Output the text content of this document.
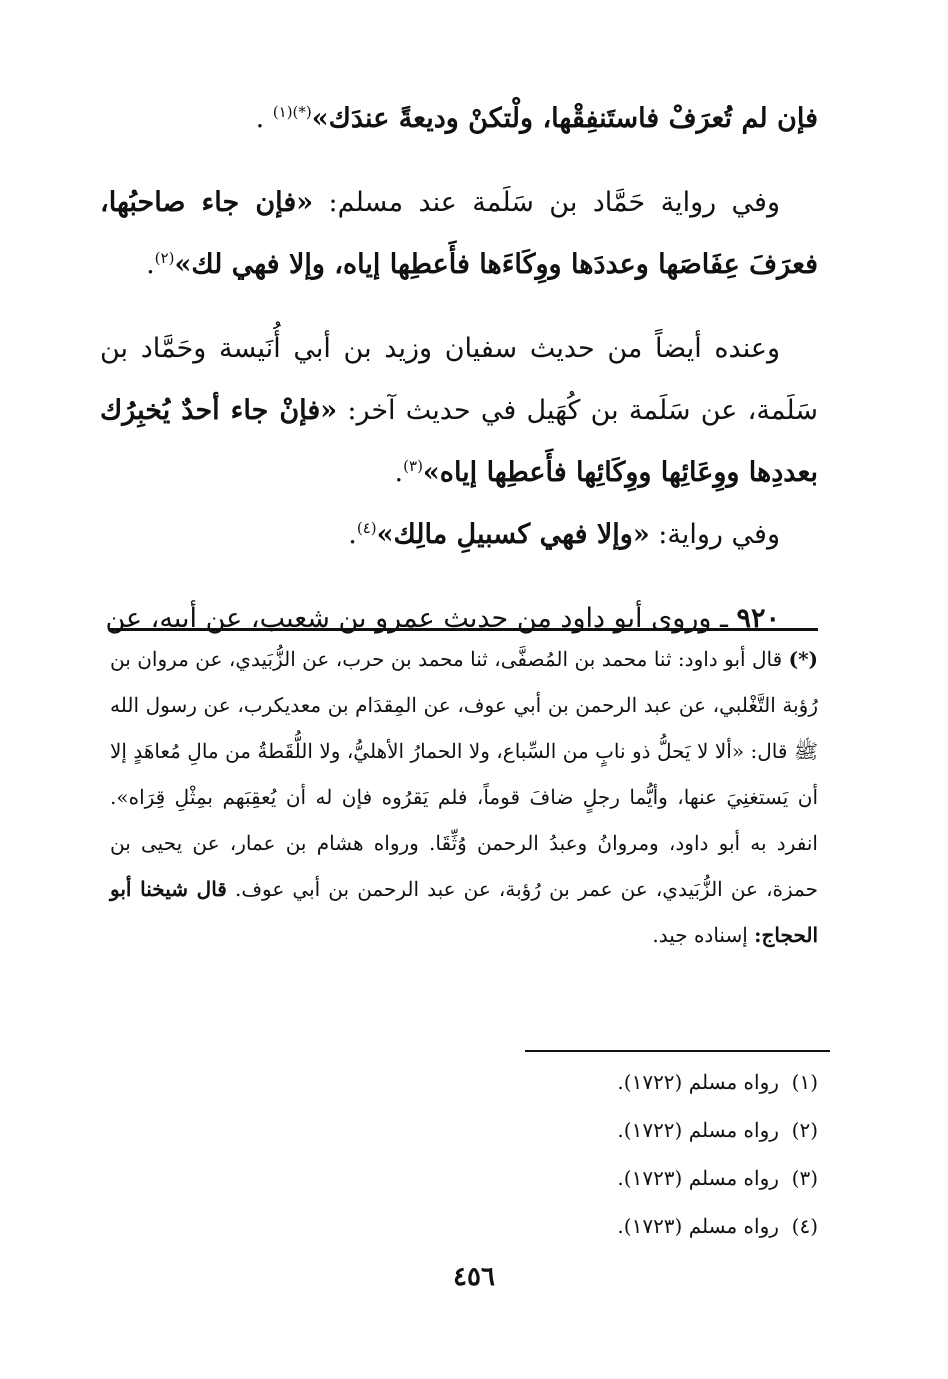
فإن لم تُعرَفْ فاستَنفِقْها، ولْتكنْ وديعةً عندَك»$^{(*)(١)}$ .

وفي رواية حَمَّاد بن سَلَمة عند مسلم: «فإن جاء صاحبُها، فعرَفَ عِفَاصَها وعددَها ووِكَاءَها فأَعطِها إياه، وإلا فهي لك»$^{(٢)}$.

وعنده أيضاً من حديث سفيان وزيد بن أبي أُنَيسة وحَمَّاد بن سَلَمة، عن سَلَمة بن كُهَيل في حديث آخر: «فإنْ جاء أحدٌ يُخبِرُك بعددِها ووِعَائِها ووِكَائِها فأَعطِها إياه»$^{(٣)}$.

وفي رواية: «وإلا فهي كسبيلِ مالِك»$^{(٤)}$.

٩٢٠ ـ وروى أبو داود من حديث عمرو بن شعيب، عن أبيه، عن

(*) قال أبو داود: ثنا محمد بن المُصفَّى، ثنا محمد بن حرب، عن الزُّبَيدي، عن مروان بن رُؤبة التَّغْلبي، عن عبد الرحمن بن أبي عوف، عن المِقدَام بن معديكرب، عن رسول الله ﷺ قال: «ألا لا يَحلُّ ذو نابٍ من السِّباع، ولا الحمارُ الأهليُّ، ولا اللُّقَطةُ من مالِ مُعاهَدٍ إلا أن يَستغنِيَ عنها، وأيُّما رجلٍ ضافَ قوماً، فلم يَقرُوه فإن له أن يُعقِبَهم بمِثْلِ قِرَاه». انفرد به أبو داود، ومروانُ وعبدُ الرحمن وُثِّقَا. ورواه هشام بن عمار، عن يحيى بن حمزة، عن الزُّبَيدي، عن عمر بن رُؤبة، عن عبد الرحمن بن أبي عوف. قال شيخنا أبو الحجاج: إسناده جيد.

(١)  رواه مسلم (١٧٢٢).
(٢)  رواه مسلم (١٧٢٢).
(٣)  رواه مسلم (١٧٢٣).
(٤)  رواه مسلم (١٧٢٣).
٤٥٦
